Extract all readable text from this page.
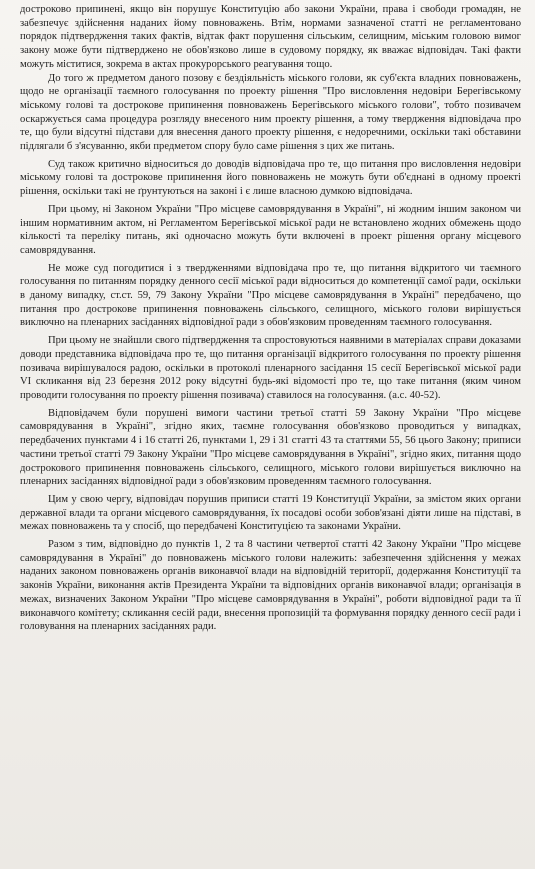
достроково припинені, якщо він порушує Конституцію або закони України, права і свободи громадян, не забезпечує здійснення наданих йому повноважень. Втім, нормами зазначеної статті не регламентовано порядок підтвердження таких фактів, відтак факт порушення сільським, селищним, міським головою вимог закону може бути підтверджено не обов'язково лише в судовому порядку, як вважає відповідач. Такі факти можуть міститися, зокрема в актах прокурорського реагування тощо.

До того ж предметом даного позову є бездіяльність міського голови, як суб'єкта владних повноважень, щодо не організації таємного голосування по проекту рішення "Про висловлення недовіри Берегівському міському голові та дострокове припинення повноважень Берегівського міського голови", тобто позивачем оскаржується сама процедура розгляду внесеного ним проекту рішення, а тому твердження відповідача про те, що були відсутні підстави для внесення даного проекту рішення, є недоречними, оскільки такі обставини підлягали б з'ясуванню, якби предметом спору було саме рішення з цих же питань.

Суд також критично відноситься до доводів відповідача про те, що питання про висловлення недовіри міському голові та дострокове припинення його повноважень не можуть бути об'єднані в одному проекті рішення, оскільки такі не ґрунтуються на законі і є лише власною думкою відповідача.

При цьому, ні Законом України "Про місцеве самоврядування в Україні", ні жодним іншим законом чи іншим нормативним актом, ні Регламентом Берегівської міської ради не встановлено жодних обмежень щодо кількості та переліку питань, які одночасно можуть бути включені в проект рішення органу місцевого самоврядування.

Не може суд погодитися і з твердженнями відповідача про те, що питання відкритого чи таємного голосування по питанням порядку денного сесії міської ради відноситься до компетенції самої ради, оскільки в даному випадку, ст.ст. 59, 79 Закону України "Про місцеве самоврядування в Україні" передбачено, що питання про дострокове припинення повноважень сільського, селищного, міського голови вирішується виключно на пленарних засіданнях відповідної ради з обов'язковим проведенням таємного голосування.

При цьому не знайшли свого підтвердження та спростовуються наявними в матеріалах справи доказами доводи представника відповідача про те, що питання організації відкритого голосування по проекту рішення позивача вирішувалося радою, оскільки в протоколі пленарного засідання 15 сесії Берегівської міської ради VI скликання від 23 березня 2012 року відсутні будь-які відомості про те, що таке питання (яким чином проводити голосування по проекту рішення позивача) ставилося на голосування. (а.с. 40-52).

Відповідачем були порушені вимоги частини третьої статті 59 Закону України "Про місцеве самоврядування в Україні", згідно яких, таємне голосування обов'язково проводиться у випадках, передбачених пунктами 4 і 16 статті 26, пунктами 1, 29 і 31 статті 43 та статтями 55, 56 цього Закону; приписи частини третьої статті 79 Закону України "Про місцеве самоврядування в Україні", згідно яких, питання щодо дострокового припинення повноважень сільського, селищного, міського голови вирішується виключно на пленарних засіданнях відповідної ради з обов'язковим проведенням таємного голосування.

Цим у свою чергу, відповідач порушив приписи статті 19 Конституції України, за змістом яких органи державної влади та органи місцевого самоврядування, їх посадові особи зобов'язані діяти лише на підставі, в межах повноважень та у спосіб, що передбачені Конституцією та законами України.

Разом з тим, відповідно до пунктів 1, 2 та 8 частини четвертої статті 42 Закону України "Про місцеве самоврядування в Україні" до повноважень міського голови належить: забезпечення здійснення у межах наданих законом повноважень органів виконавчої влади на відповідній території, додержання Конституції та законів України, виконання актів Президента України та відповідних органів виконавчої влади; організація в межах, визначених Законом України "Про місцеве самоврядування в Україні", роботи відповідної ради та її виконавчого комітету; скликання сесій ради, внесення пропозицій та формування порядку денного сесії ради і головування на пленарних засіданнях ради.
